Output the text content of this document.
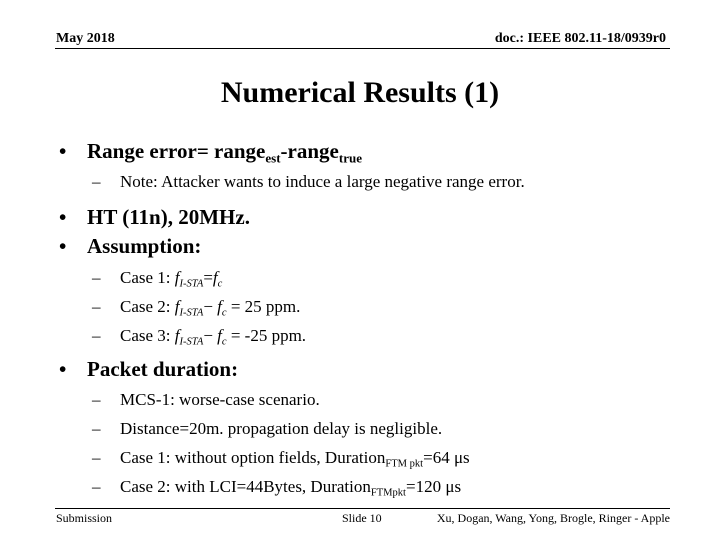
May 2018	doc.: IEEE 802.11-18/0939r0
Numerical Results (1)
• Range error= range$_{est}$-range$_{true}$
– Note: Attacker wants to induce a large negative range error.
• HT (11n), 20MHz.
• Assumption:
– Case 1: $f_{I-STA}=f_c$
– Case 2: $f_{I-STA}- f_c = 25$ ppm.
– Case 3: $f_{I-STA}- f_c = -25$ ppm.
• Packet duration:
– MCS-1: worse-case scenario.
– Distance=20m. propagation delay is negligible.
– Case 1: without option fields, Duration$_{FTM pkt}$=64 μs
– Case 2: with LCI=44Bytes, Duration$_{FTMpkt}$=120 μs
Submission	Slide 10	Xu, Dogan, Wang, Yong, Brogle, Ringer - Apple
